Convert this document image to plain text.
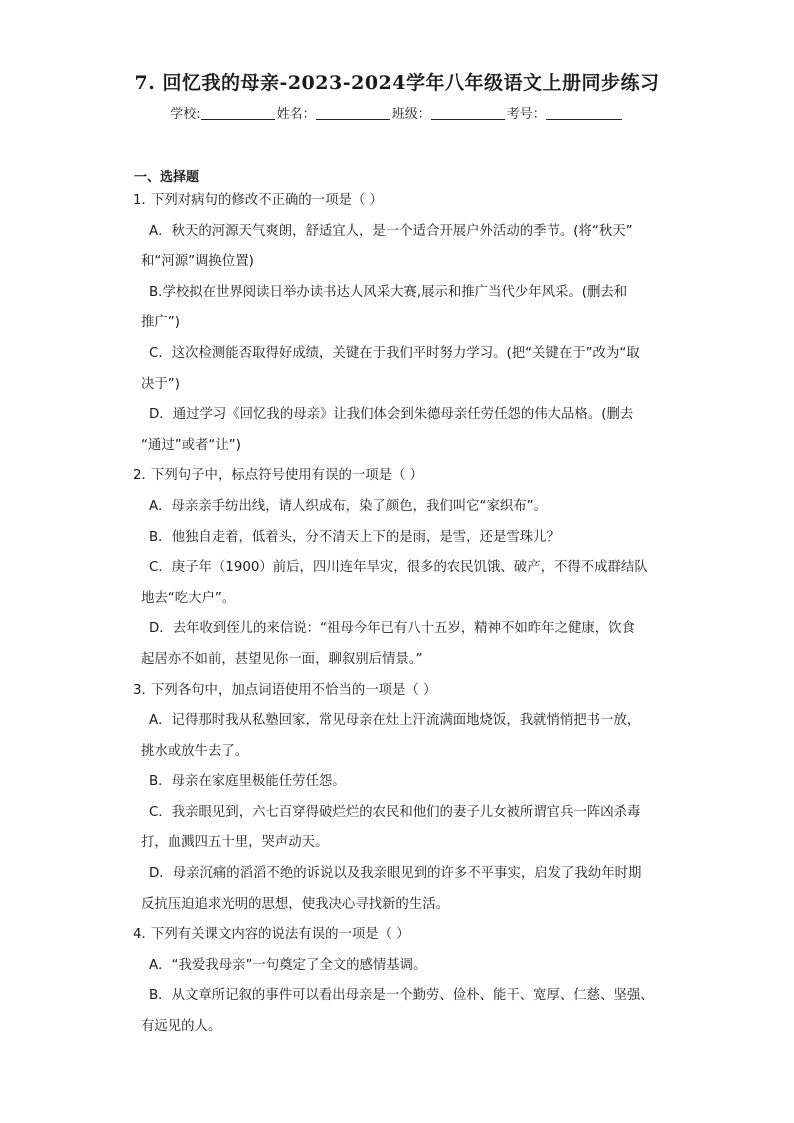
7. 回忆我的母亲-2023-2024学年八年级语文上册同步练习
学校:	姓名：	班级：	考号：
一、选择题
1．下列对病句的修改不正确的一项是（ ）
A．秋天的河源天气爽朗，舒适宜人，是一个适合开展户外活动的季节。(将“秋天”
和“河源”调换位置)
B.学校拟在世界阅读日举办读书达人风采大赛,展示和推广当代少年风采。(删去和
推广”)
C．这次检测能否取得好成绩，关键在于我们平时努力学习。(把“关键在于”改为“取
决于”)
D．通过学习《回忆我的母亲》让我们体会到朱德母亲任劳任怨的伟大品格。(删去
“通过”或者“让”)
2．下列句子中，标点符号使用有误的一项是（ ）
A．母亲亲手纺出线，请人织成布，染了颜色，我们叫它“家织布”。
B．他独自走着，低着头，分不清天上下的是雨，是雪，还是雪珠儿？
C．庚子年（1900）前后，四川连年旱灾，很多的农民饥饿、破产，不得不成群结队
地去“吃大户”。
D．去年收到侄儿的来信说：“祖母今年已有八十五岁，精神不如昨年之健康，饮食
起居亦不如前，甚望见你一面，聊叙别后情景。”
3．下列各句中，加点词语使用不恰当的一项是（ ）
A．记得那时我从私塾回家，常见母亲在灶上汗流满面地烧饭，我就悄悄把书一放，
挑水或放牛去了。
B．母亲在家庭里极能任劳任怨。
C．我亲眼见到，六七百穿得破烂烂的农民和他们的妻子儿女被所谓官兵一阵凶杀毒
打，血溅四五十里，哭声动天。
D．母亲沉痛的滔滔不绝的诉说以及我亲眼见到的许多不平事实，启发了我幼年时期
反抗压迫追求光明的思想，使我决心寻找新的生活。
4．下列有关课文内容的说法有误的一项是（ ）
A．“我爱我母亲”一句奠定了全文的感情基调。
B．从文章所记叙的事件可以看出母亲是一个勤劳、俭朴、能干、宽厚、仁慈、坚强、
有远见的人。
